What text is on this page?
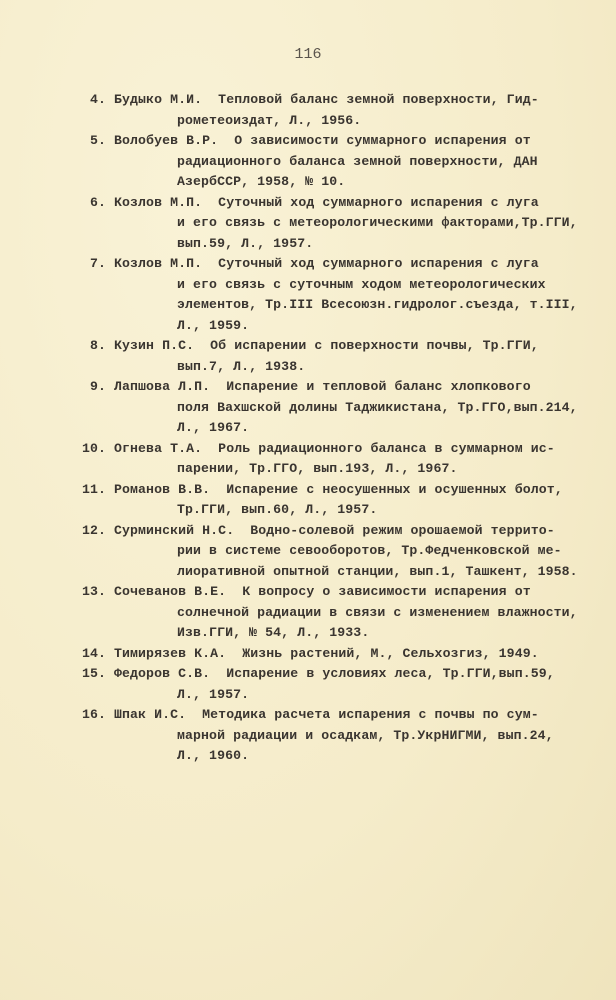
116
4. Будыко М.И.  Тепловой баланс земной поверхности, Гид-
рометеоиздат, Л., 1956.
5. Волобуев В.Р.  О зависимости суммарного испарения от
радиационного баланса земной поверхности, ДАН
АзербССР, 1958, № 10.
6. Козлов М.П.  Суточный ход суммарного испарения с луга
и его связь с метеорологическими факторами,Тр.ГГИ,
вып.59, Л., 1957.
7. Козлов М.П.  Суточный ход суммарного испарения с луга
и его связь с суточным ходом метеорологических
элементов, Тр.III Всесоюзн.гидролог.съезда, т.III,
Л., 1959.
8. Кузин П.С.  Об испарении с поверхности почвы, Тр.ГГИ,
вып.7, Л., 1938.
9. Лапшова Л.П.  Испарение и тепловой баланс хлопкового
поля Вахшской долины Таджикистана, Тр.ГГО,вып.214,
Л., 1967.
10. Огнева Т.А.  Роль радиационного баланса в суммарном ис-
парении, Тр.ГГО, вып.193, Л., 1967.
11. Романов В.В.  Испарение с неосушенных и осушенных болот,
Тр.ГГИ, вып.60, Л., 1957.
12. Сурминский Н.С.  Водно-солевой режим орошаемой террито-
рии в системе севооборотов, Тр.Федченковской ме-
лиоративной опытной станции, вып.1, Ташкент, 1958.
13. Сочеванов В.Е.  К вопросу о зависимости испарения от
солнечной радиации в связи с изменением влажности,
Изв.ГГИ, № 54, Л., 1933.
14. Тимирязев К.А.  Жизнь растений, М., Сельхозгиз, 1949.
15. Федоров С.В.  Испарение в условиях леса, Тр.ГГИ,вып.59,
Л., 1957.
16. Шпак И.С.  Методика расчета испарения с почвы по сум-
марной радиации и осадкам, Тр.УкрНИГМИ, вып.24,
Л., 1960.
